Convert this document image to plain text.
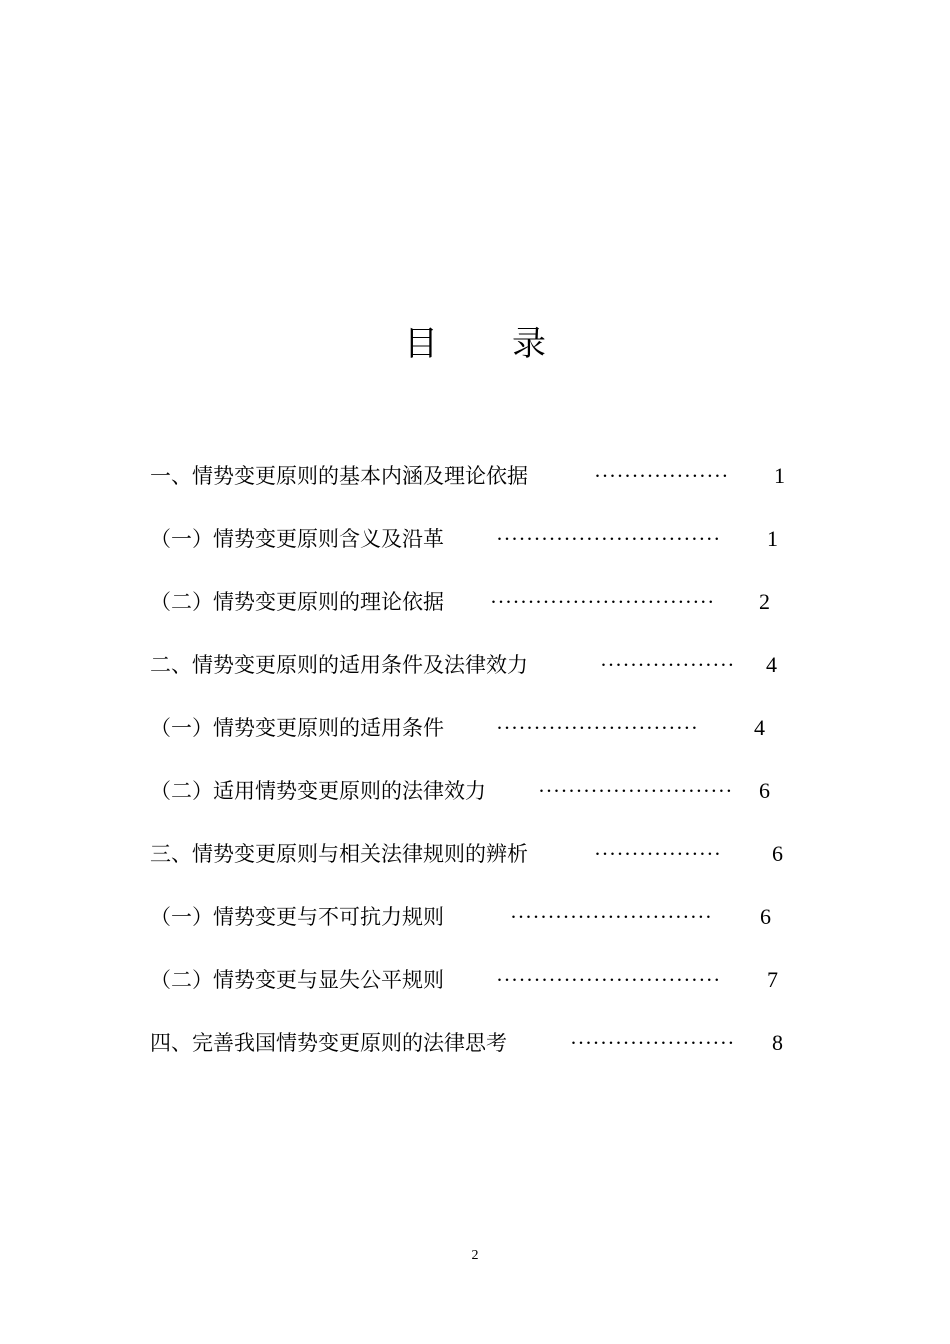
目 录
一、情势变更原则的基本内涵及理论依据	·················· 1
（一）情势变更原则含义及沿革 ······························ 1
（二）情势变更原则的理论依据 ······························ 2
二、情势变更原则的适用条件及法律效力	·················· 4
（一）情势变更原则的适用条件 ···························	4
（二）适用情势变更原则的法律效力 ·························· 6
三、情势变更原则与相关法律规则的辨析	················· 6
（一）情势变更与不可抗力规则	··························· 6
（二）情势变更与显失公平规则 ······························ 7
四、完善我国情势变更原则的法律思考	······················ 8
2
